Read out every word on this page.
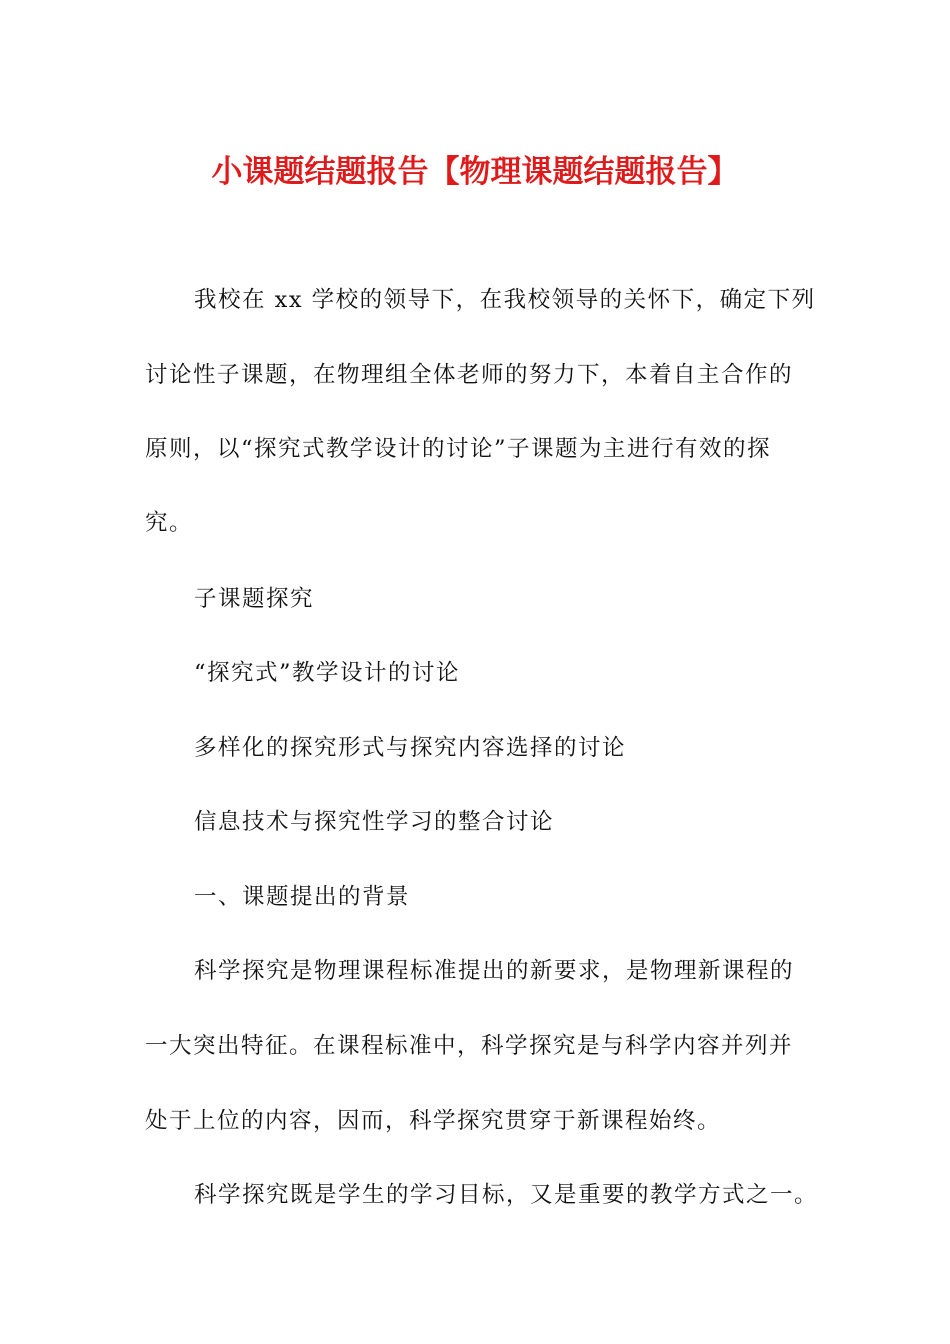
小课题结题报告【物理课题结题报告】
我校在 xx 学校的领导下，在我校领导的关怀下，确定下列
讨论性子课题，在物理组全体老师的努力下，本着自主合作的
原则，以“探究式教学设计的讨论”子课题为主进行有效的探
究。
子课题探究
“探究式”教学设计的讨论
多样化的探究形式与探究内容选择的讨论
信息技术与探究性学习的整合讨论
一、课题提出的背景
科学探究是物理课程标准提出的新要求，是物理新课程的
一大突出特征。在课程标准中，科学探究是与科学内容并列并
处于上位的内容，因而，科学探究贯穿于新课程始终。
科学探究既是学生的学习目标，又是重要的教学方式之一。
